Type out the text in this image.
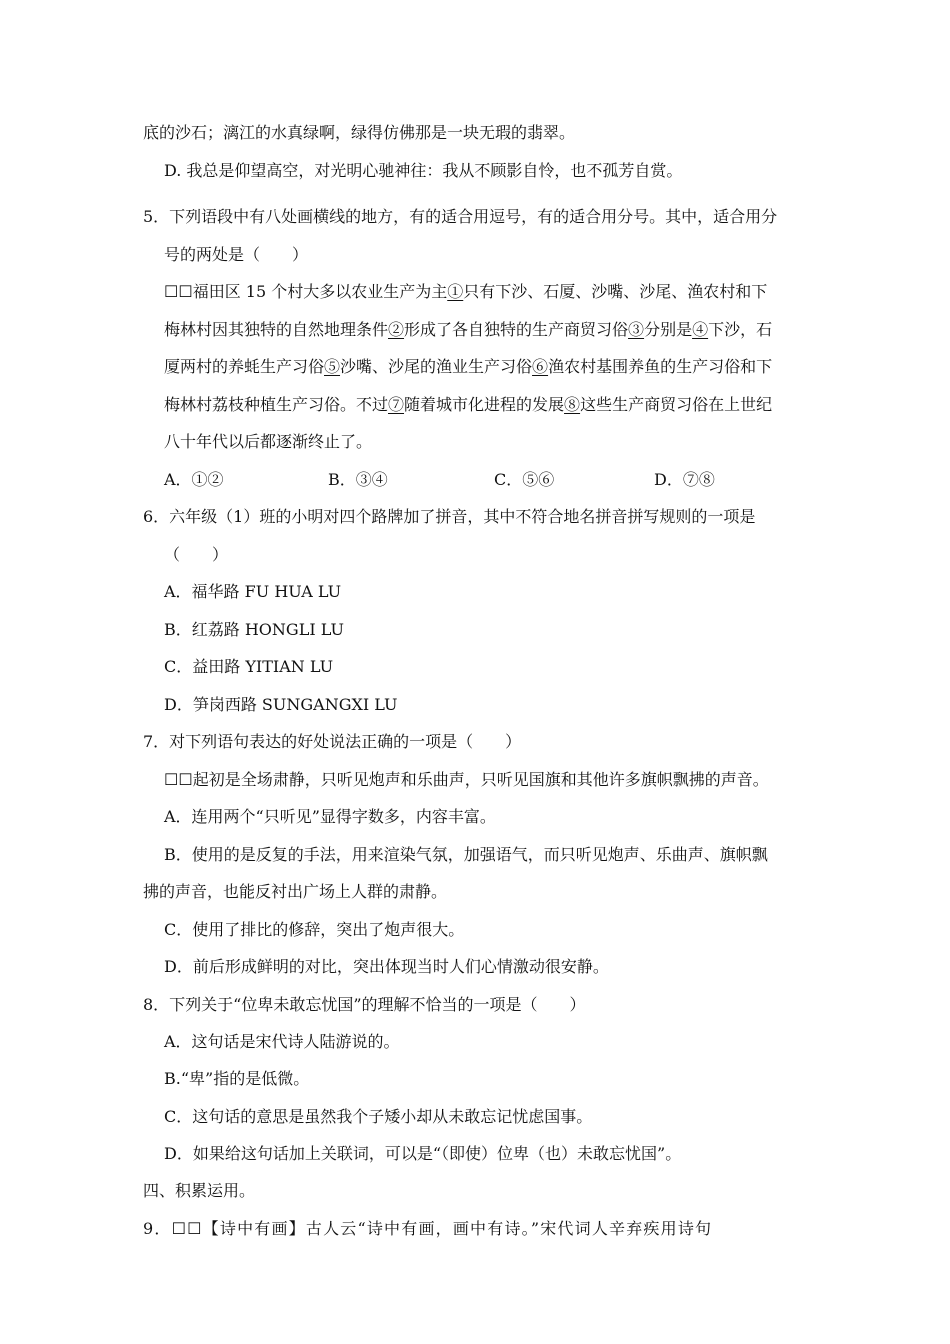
底的沙石；漓江的水真绿啊，绿得仿佛那是一块无瑕的翡翠。
D. 我总是仰望高空，对光明心驰神往：我从不顾影自怜，也不孤芳自赏。
5．下列语段中有八处画横线的地方，有的适合用逗号，有的适合用分号。其中，适合用分
号的两处是（　　）
☐☐福田区 15 个村大多以农业生产为主①只有下沙、石厦、沙嘴、沙尾、渔农村和下
梅林村因其独特的自然地理条件②形成了各自独特的生产商贸习俗③分别是④下沙，石
厦两村的养蚝生产习俗⑤沙嘴、沙尾的渔业生产习俗⑥渔农村基围养鱼的生产习俗和下
梅林村荔枝种植生产习俗。不过⑦随着城市化进程的发展⑧这些生产商贸习俗在上世纪
八十年代以后都逐渐终止了。
A．①②	B．③④	C．⑤⑥	D．⑦⑧
6．六年级（1）班的小明对四个路牌加了拼音，其中不符合地名拼音拼写规则的一项是
（　　）
A．福华路 FU HUA LU
B．红荔路 HONGLI LU
C．益田路 YITIAN LU
D．笋岗西路 SUNGANGXI LU
7．对下列语句表达的好处说法正确的一项是（　　）
☐☐起初是全场肃静，只听见炮声和乐曲声，只听见国旗和其他许多旗帜飘拂的声音。
A．连用两个“只听见”显得字数多，内容丰富。
B．使用的是反复的手法，用来渲染气氛，加强语气，而只听见炮声、乐曲声、旗帜飘
拂的声音，也能反衬出广场上人群的肃静。
C．使用了排比的修辞，突出了炮声很大。
D．前后形成鲜明的对比，突出体现当时人们心情激动很安静。
8．下列关于“位卑未敢忘忧国”的理解不恰当的一项是（　　）
A．这句话是宋代诗人陆游说的。
B.“卑”指的是低微。
C．这句话的意思是虽然我个子矮小却从未敢忘记忧虑国事。
D．如果给这句话加上关联词，可以是“（即使）位卑（也）未敢忘忧国”。
四、积累运用。
9．☐☐【诗中有画】古人云“诗中有画，画中有诗。”宋代词人辛弃疾用诗句
